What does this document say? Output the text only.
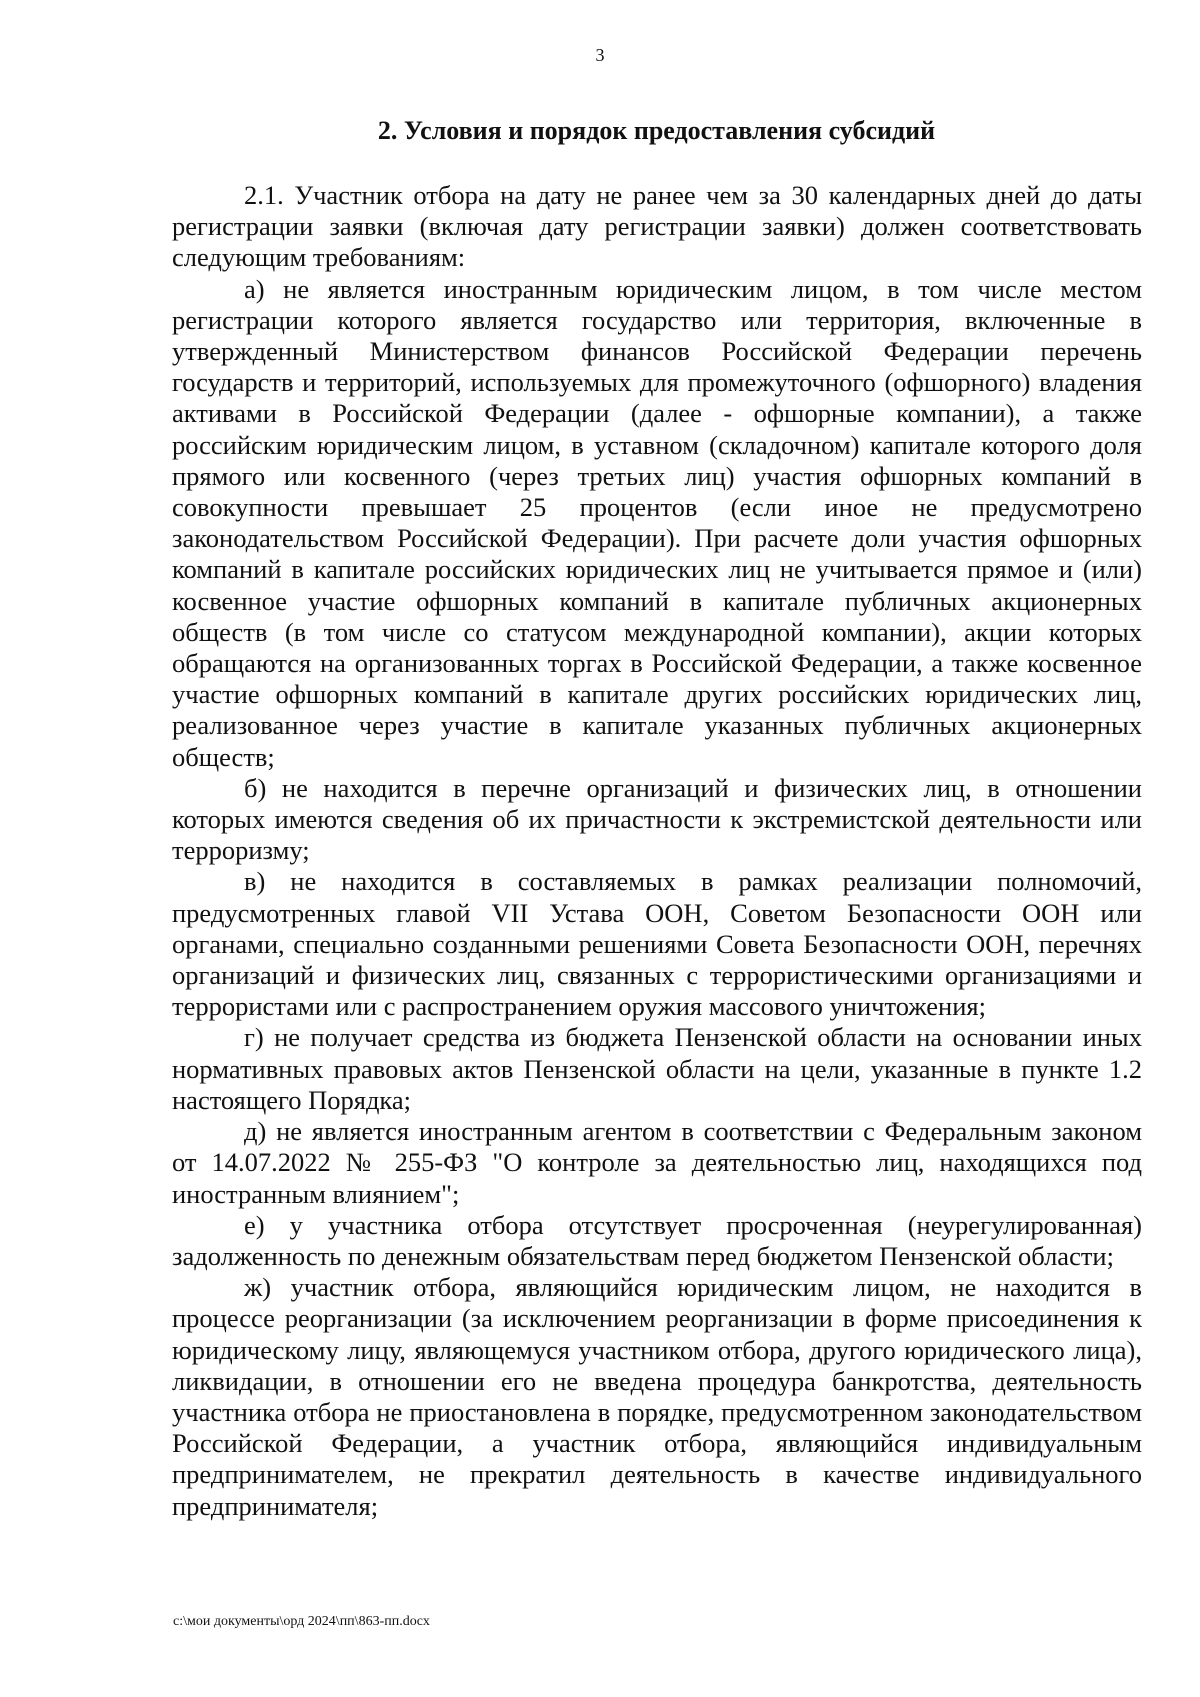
3
2. Условия и порядок предоставления субсидий

2.1. Участник отбора на дату не ранее чем за 30 календарных дней до даты регистрации заявки (включая дату регистрации заявки) должен соответствовать следующим требованиям:

а) не является иностранным юридическим лицом, в том числе местом регистрации которого является государство или территория, включенные в утвержденный Министерством финансов Российской Федерации перечень государств и территорий, используемых для промежуточного (офшорного) владения активами в Российской Федерации (далее - офшорные компании), а также российским юридическим лицом, в уставном (складочном) капитале которого доля прямого или косвенного (через третьих лиц) участия офшорных компаний в совокупности превышает 25 процентов (если иное не предусмотрено законодательством Российской Федерации). При расчете доли участия офшорных компаний в капитале российских юридических лиц не учитывается прямое и (или) косвенное участие офшорных компаний в капитале публичных акционерных обществ (в том числе со статусом международной компании), акции которых обращаются на организованных торгах в Российской Федерации, а также косвенное участие офшорных компаний в капитале других российских юридических лиц, реализованное через участие в капитале указанных публичных акционерных обществ;

б) не находится в перечне организаций и физических лиц, в отношении которых имеются сведения об их причастности к экстремистской деятельности или терроризму;

в) не находится в составляемых в рамках реализации полномочий, предусмотренных главой VII Устава ООН, Советом Безопасности ООН или органами, специально созданными решениями Совета Безопасности ООН, перечнях организаций и физических лиц, связанных с террористическими организациями и террористами или с распространением оружия массового уничтожения;

г) не получает средства из бюджета Пензенской области на основании иных нормативных правовых актов Пензенской области на цели, указанные в пункте 1.2 настоящего Порядка;

д) не является иностранным агентом в соответствии с Федеральным законом от 14.07.2022 № 255-ФЗ "О контроле за деятельностью лиц, находящихся под иностранным влиянием";

е) у участника отбора отсутствует просроченная (неурегулированная) задолженность по денежным обязательствам перед бюджетом Пензенской области;

ж) участник отбора, являющийся юридическим лицом, не находится в процессе реорганизации (за исключением реорганизации в форме присоединения к юридическому лицу, являющемуся участником отбора, другого юридического лица), ликвидации, в отношении его не введена процедура банкротства, деятельность участника отбора не приостановлена в порядке, предусмотренном законодательством Российской Федерации, а участник отбора, являющийся индивидуальным предпринимателем, не прекратил деятельность в качестве индивидуального предпринимателя;

c:\мои документы\орд 2024\пп\863-пп.docx
